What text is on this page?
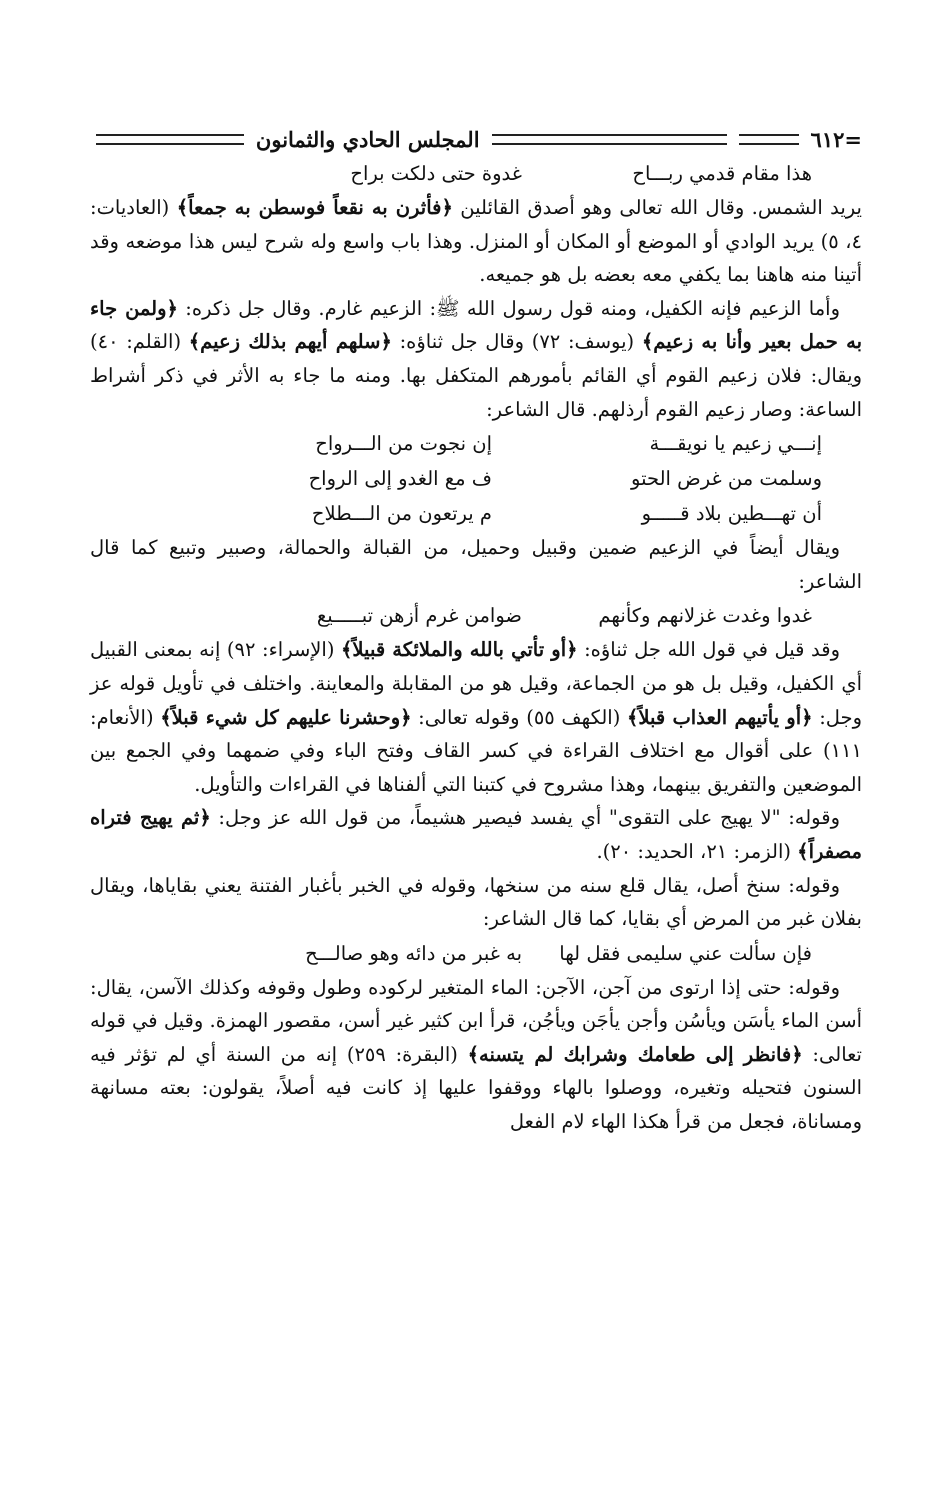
=٦١٢
المجلس الحادي والثمانون
هذا مقام قدمي ربـــاح
غدوة حتى دلكت براح

يريد الشمس. وقال الله تعالى وهو أصدق القائلين ﴿فأثرن به نقعاً فوسطن به جمعاً﴾ (العاديات: ٤، ٥) يريد الوادي أو الموضع أو المكان أو المنزل. وهذا باب واسع وله شرح ليس هذا موضعه وقد أتينا منه هاهنا بما يكفي معه بعضه بل هو جميعه.

وأما الزعيم فإنه الكفيل، ومنه قول رسول الله ﷺ: الزعيم غارم. وقال جل ذكره: ﴿ولمن جاء به حمل بعير وأنا به زعيم﴾ (يوسف: ٧٢) وقال جل ثناؤه: ﴿سلهم أيهم بذلك زعيم﴾ (القلم: ٤٠) ويقال: فلان زعيم القوم أي القائم بأمورهم المتكفل بها. ومنه ما جاء به الأثر في ذكر أشراط الساعة: وصار زعيم القوم أرذلهم. قال الشاعر:

إنـــي زعيم يا نويقـــة
إن نجوت من الـــرواح
وسلمت من غرض الحتو
ف مع الغدو إلى الرواح
أن تهـــطين بلاد قـــــو
م يرتعون من الـــطلاح

ويقال أيضاً في الزعيم ضمين وقبيل وحميل، من القبالة والحمالة، وصبير وتبيع كما قال الشاعر:

غدوا وغدت غزلانهم وكأنهم
ضوامن غرم أزهن تبـــــيع

وقد قيل في قول الله جل ثناؤه: ﴿أو تأتي بالله والملائكة قبيلاً﴾ (الإسراء: ٩٢) إنه بمعنى القبيل أي الكفيل، وقيل بل هو من الجماعة، وقيل هو من المقابلة والمعاينة. واختلف في تأويل قوله عز وجل: ﴿أو يأتيهم العذاب قبلاً﴾ (الكهف ٥٥) وقوله تعالى: ﴿وحشرنا عليهم كل شيء قبلاً﴾ (الأنعام: ١١١) على أقوال مع اختلاف القراءة في كسر القاف وفتح الباء وفي ضمهما وفي الجمع بين الموضعين والتفريق بينهما، وهذا مشروح في كتبنا التي ألفناها في القراءات والتأويل.

وقوله: "لا يهيج على التقوى" أي يفسد فيصير هشيماً، من قول الله عز وجل: ﴿ثم يهيج فتراه مصفراً﴾ (الزمر: ٢١، الحديد: ٢٠).

وقوله: سنخ أصل، يقال قلع سنه من سنخها، وقوله في الخبر بأغبار الفتنة يعني بقاياها، ويقال بفلان غبر من المرض أي بقايا، كما قال الشاعر:

فإن سألت عني سليمى فقل لها
به غبر من دائه وهو صالـــح

وقوله: حتى إذا ارتوى من آجن، الآجن: الماء المتغير لركوده وطول وقوفه وكذلك الآسن، يقال: أسن الماء يأسَن ويأسُن وأجن يأجَن ويأجُن، قرأ ابن كثير غير أسن، مقصور الهمزة. وقيل في قوله تعالى: ﴿فانظر إلى طعامك وشرابك لم يتسنه﴾ (البقرة: ٢٥٩) إنه من السنة أي لم تؤثر فيه السنون فتحيله وتغيره، ووصلوا بالهاء ووقفوا عليها إذ كانت فيه أصلاً، يقولون: بعته مسانهة ومساناة، فجعل من قرأ هكذا الهاء لام الفعل
